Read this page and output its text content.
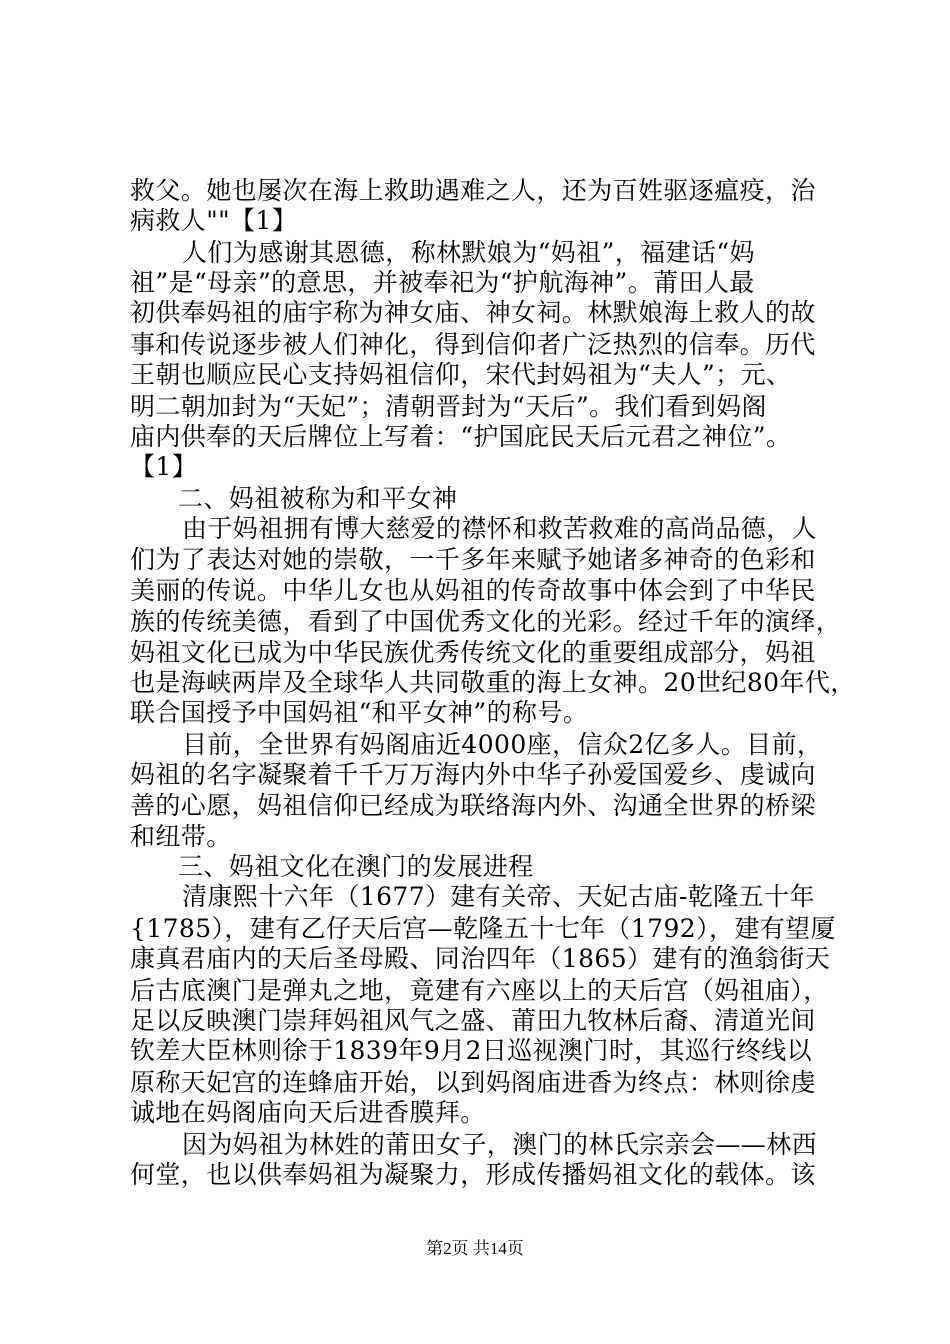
救父。她也屡次在海上救助遇难之人，还为百姓驱逐瘟疫，治
病救人""【1】
人们为感谢其恩德，称林默娘为“妈祖”，福建话“妈
祖”是“母亲”的意思，并被奉祀为“护航海神”。莆田人最
初供奉妈祖的庙宇称为神女庙、神女祠。林默娘海上救人的故
事和传说逐步被人们神化，得到信仰者广泛热烈的信奉。历代
王朝也顺应民心支持妈祖信仰，宋代封妈祖为“夫人”；元、
明二朝加封为“天妃”；清朝晋封为“天后”。我们看到妈阁
庙内供奉的天后牌位上写着：“护国庇民天后元君之神位”。
【1】
二、妈祖被称为和平女神
由于妈祖拥有博大慈爱的襟怀和救苦救难的高尚品德，人
们为了表达对她的崇敬，一千多年来赋予她诸多神奇的色彩和
美丽的传说。中华儿女也从妈祖的传奇故事中体会到了中华民
族的传统美德，看到了中国优秀文化的光彩。经过千年的演绎，
妈祖文化已成为中华民族优秀传统文化的重要组成部分，妈祖
也是海峡两岸及全球华人共同敬重的海上女神。20世纪80年代，
联合国授予中国妈祖“和平女神”的称号。
目前，全世界有妈阁庙近4000座，信众2亿多人。目前，
妈祖的名字凝聚着千千万万海内外中华子孙爱国爱乡、虔诚向
善的心愿，妈祖信仰已经成为联络海内外、沟通全世界的桥梁
和纽带。
三、妈祖文化在澳门的发展进程
清康熙十六年（1677）建有关帝、天妃古庙-乾隆五十年
{1785），建有乙仔天后宫—乾隆五十七年（1792），建有望厦
康真君庙内的天后圣母殿、同治四年（1865）建有的渔翁街天
后古底澳门是弹丸之地，竟建有六座以上的天后宫（妈祖庙），
足以反映澳门崇拜妈祖风气之盛、莆田九牧林后裔、清道光间
钦差大臣林则徐于1839年9月2日巡视澳门时，其巡行终线以
原称天妃宫的连蜂庙开始，以到妈阁庙进香为终点：林则徐虔
诚地在妈阁庙向天后进香膜拜。
因为妈祖为林姓的莆田女子，澳门的林氏宗亲会——林西
何堂，也以供奉妈祖为凝聚力，形成传播妈祖文化的载体。该
第2页 共14页
